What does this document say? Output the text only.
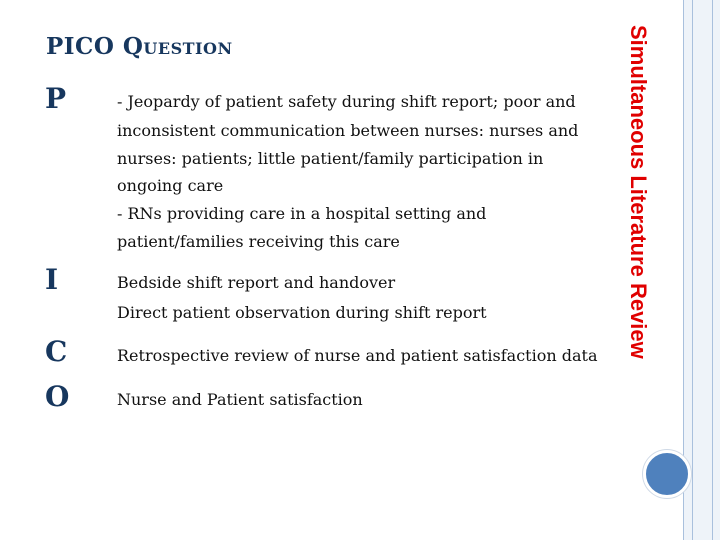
Simultaneous Literature Review
PICO Question
P	- Jeopardy of patient safety during shift report; poor and
inconsistent communication between nurses: nurses and
nurses: patients; little patient/family participation in
ongoing care
- RNs providing care in a hospital setting and
patient/families receiving this care
I	Bedside shift report and handover
Direct patient observation during shift report
C	Retrospective review of nurse and patient satisfaction data
O	Nurse and Patient satisfaction
